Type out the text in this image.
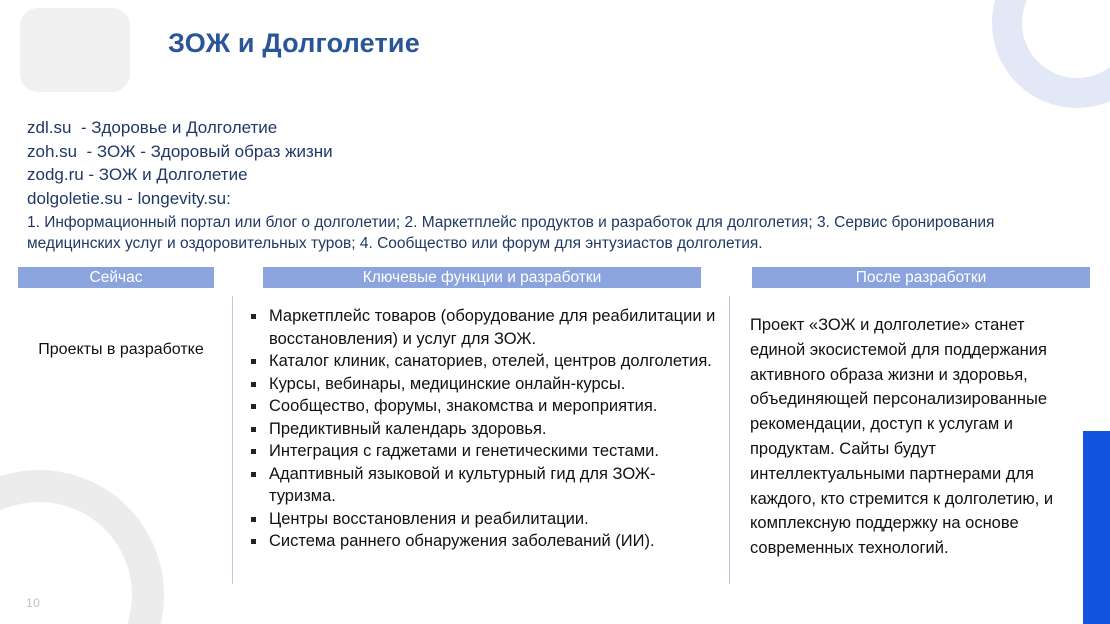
10
ЗОЖ и Долголетие
zdl.su  - Здоровье и Долголетие
zoh.su  - ЗОЖ - Здоровый образ жизни
zodg.ru - ЗОЖ и Долголетие
dolgoletie.su - longevity.su:
1. Информационный портал или блог о долголетии; 2. Маркетплейс продуктов и разработок для долголетия; 3. Сервис бронирования медицинских услуг и оздоровительных туров; 4. Сообщество или форум для энтузиастов долголетия.
Сейчас	Ключевые функции и разработки	После разработки
Проекты в разработке
Маркетплейс товаров (оборудование для реабилитации и восстановления) и услуг для ЗОЖ.
Каталог клиник, санаториев, отелей, центров долголетия.
Курсы, вебинары, медицинские онлайн-курсы.
Сообщество, форумы, знакомства и мероприятия.
Предиктивный календарь здоровья.
Интеграция с гаджетами и генетическими тестами.
Адаптивный языковой и культурный гид для ЗОЖ-туризма.
Центры восстановления и реабилитации.
Система раннего обнаружения заболеваний (ИИ).
Проект «ЗОЖ и долголетие» станет единой экосистемой для поддержания активного образа жизни и здоровья, объединяющей персонализированные рекомендации, доступ к услугам и продуктам. Сайты будут интеллектуальными партнерами для каждого, кто стремится к долголетию, и комплексную поддержку на основе современных технологий.
